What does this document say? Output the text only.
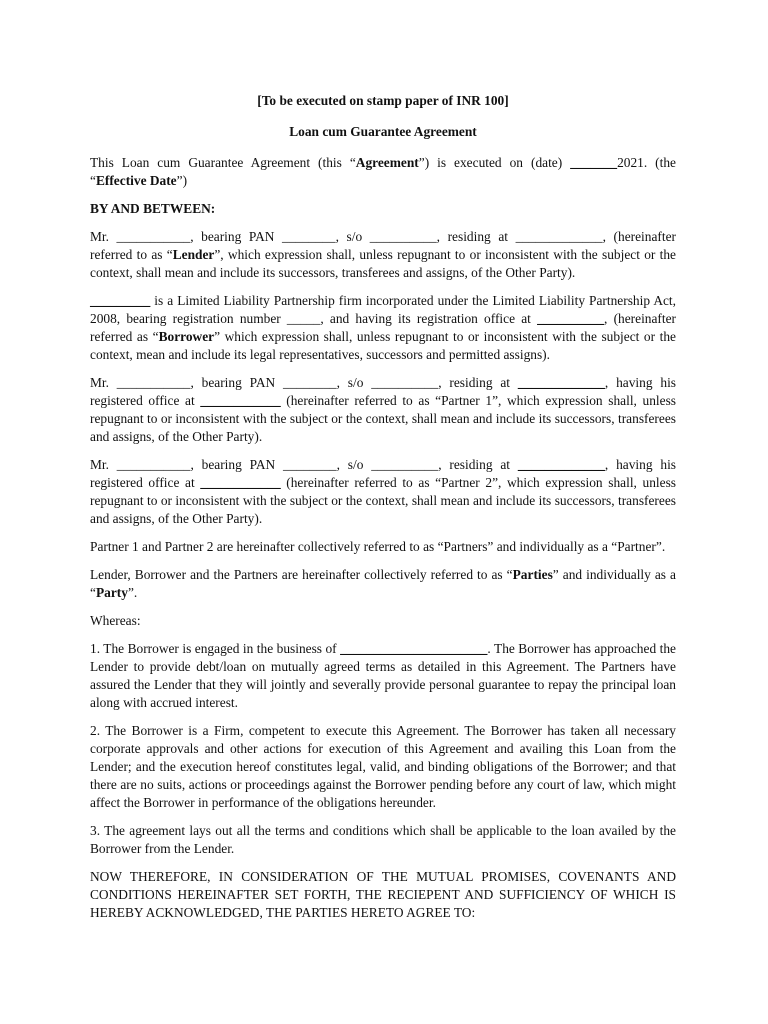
[To be executed on stamp paper of INR 100]
Loan cum Guarantee Agreement

This Loan cum Guarantee Agreement (this “Agreement”) is executed on (date) _______2021. (the “Effective Date”)

BY AND BETWEEN:

Mr. ___________, bearing PAN ________, s/o __________, residing at _____________, (hereinafter referred to as “Lender”, which expression shall, unless repugnant to or inconsistent with the subject or the context, shall mean and include its successors, transferees and assigns, of the Other Party).

_________ is a Limited Liability Partnership firm incorporated under the Limited Liability Partnership Act, 2008, bearing registration number _____, and having its registration office at __________, (hereinafter referred as “Borrower” which expression shall, unless repugnant to or inconsistent with the subject or the context, mean and include its legal representatives, successors and permitted assigns).

Mr. ___________, bearing PAN ________, s/o __________, residing at _____________, having his registered office at ____________ (hereinafter referred to as “Partner 1”, which expression shall, unless repugnant to or inconsistent with the subject or the context, shall mean and include its successors, transferees and assigns, of the Other Party).

Mr. ___________, bearing PAN ________, s/o __________, residing at _____________, having his registered office at ____________ (hereinafter referred to as “Partner 2”, which expression shall, unless repugnant to or inconsistent with the subject or the context, shall mean and include its successors, transferees and assigns, of the Other Party).

Partner 1 and Partner 2 are hereinafter collectively referred to as “Partners” and individually as a “Partner”.

Lender, Borrower and the Partners are hereinafter collectively referred to as “Parties” and individually as a “Party”.

Whereas:

1. The Borrower is engaged in the business of ______________________. The Borrower has approached the Lender to provide debt/loan on mutually agreed terms as detailed in this Agreement. The Partners have assured the Lender that they will jointly and severally provide personal guarantee to repay the principal loan along with accrued interest.

2. The Borrower is a Firm, competent to execute this Agreement. The Borrower has taken all necessary corporate approvals and other actions for execution of this Agreement and availing this Loan from the Lender; and the execution hereof constitutes legal, valid, and binding obligations of the Borrower; and that there are no suits, actions or proceedings against the Borrower pending before any court of law, which might affect the Borrower in performance of the obligations hereunder.

3. The agreement lays out all the terms and conditions which shall be applicable to the loan availed by the Borrower from the Lender.

NOW THEREFORE, IN CONSIDERATION OF THE MUTUAL PROMISES, COVENANTS AND CONDITIONS HEREINAFTER SET FORTH, THE RECIEPENT AND SUFFICIENCY OF WHICH IS HEREBY ACKNOWLEDGED, THE PARTIES HERETO AGREE TO:
